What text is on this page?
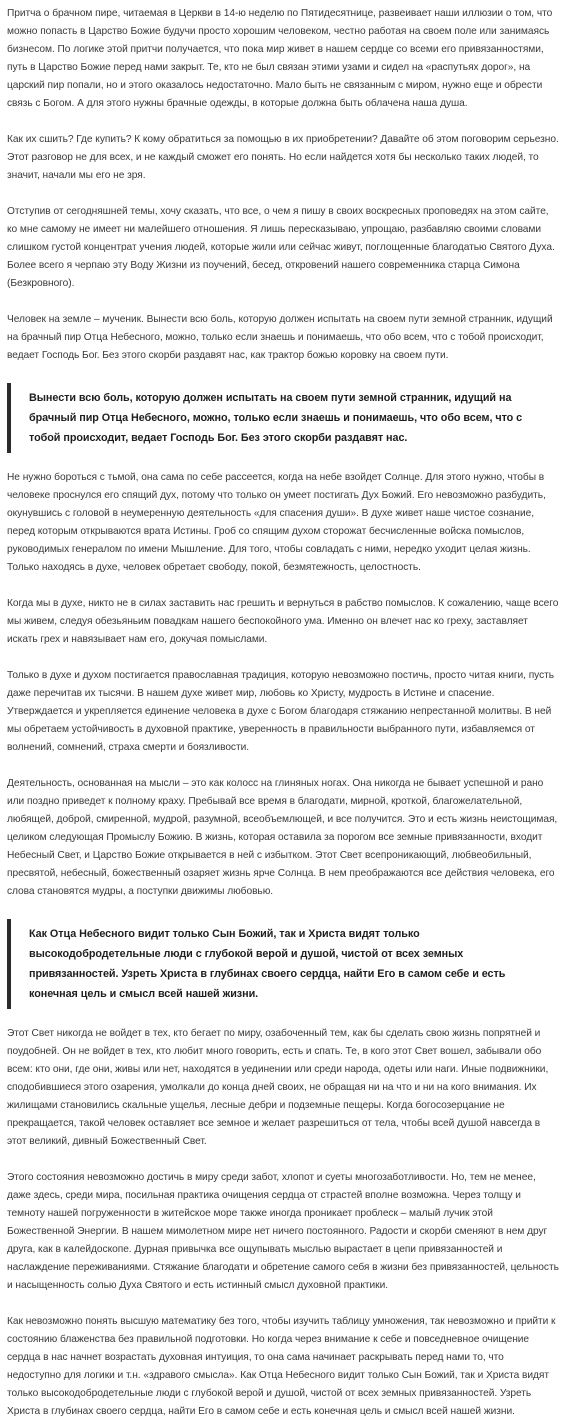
Притча о брачном пире, читаемая в Церкви в 14-ю неделю по Пятидесятнице, развеивает наши иллюзии о том, что можно попасть в Царство Божие будучи просто хорошим человеком, честно работая на своем поле или занимаясь бизнесом. По логике этой притчи получается, что пока мир живет в нашем сердце со всеми его привязанностями, путь в Царство Божие перед нами закрыт. Те, кто не был связан этими узами и сидел на «распутьях дорог», на царский пир попали, но и этого оказалось недостаточно. Мало быть не связанным с миром, нужно еще и обрести связь с Богом. А для этого нужны брачные одежды, в которые должна быть облачена наша душа.

Как их сшить? Где купить? К кому обратиться за помощью в их приобретении? Давайте об этом поговорим серьезно. Этот разговор не для всех, и не каждый сможет его понять. Но если найдется хотя бы несколько таких людей, то значит, начали мы его не зря.

Отступив от сегодняшней темы, хочу сказать, что все, о чем я пишу в своих воскресных проповедях на этом сайте, ко мне самому не имеет ни малейшего отношения. Я лишь пересказываю, упрощаю, разбавляю своими словами слишком густой концентрат учения людей, которые жили или сейчас живут, поглощенные благодатью Святого Духа. Более всего я черпаю эту Воду Жизни из поучений, бесед, откровений нашего современника старца Симона (Безкровного).

Человек на земле – мученик. Вынести всю боль, которую должен испытать на своем пути земной странник, идущий на брачный пир Отца Небесного, можно, только если знаешь и понимаешь, что обо всем, что с тобой происходит, ведает Господь Бог. Без этого скорби раздавят нас, как трактор божью коровку на своем пути.

Вынести всю боль, которую должен испытать на своем пути земной странник, идущий на брачный пир Отца Небесного, можно, только если знаешь и понимаешь, что обо всем, что с тобой происходит, ведает Господь Бог. Без этого скорби раздавят нас.

Не нужно бороться с тьмой, она сама по себе рассеется, когда на небе взойдет Солнце. Для этого нужно, чтобы в человеке проснулся его спящий дух, потому что только он умеет постигать Дух Божий. Его невозможно разбудить, окунувшись с головой в неумеренную деятельность «для спасения души». В духе живет наше чистое сознание, перед которым открываются врата Истины. Гроб со спящим духом сторожат бесчисленные войска помыслов, руководимых генералом по имени Мышление. Для того, чтобы совладать с ними, нередко уходит целая жизнь. Только находясь в духе, человек обретает свободу, покой, безмятежность, целостность.

Когда мы в духе, никто не в силах заставить нас грешить и вернуться в рабство помыслов. К сожалению, чаще всего мы живем, следуя обезьяньим повадкам нашего беспокойного ума. Именно он влечет нас ко греху, заставляет искать грех и навязывает нам его, докучая помыслами.

Только в духе и духом постигается православная традиция, которую невозможно постичь, просто читая книги, пусть даже перечитав их тысячи. В нашем духе живет мир, любовь ко Христу, мудрость в Истине и спасение. Утверждается и укрепляется единение человека в духе с Богом благодаря стяжанию непрестанной молитвы. В ней мы обретаем устойчивость в духовной практике, уверенность в правильности выбранного пути, избавляемся от волнений, сомнений, страха смерти и боязливости.

Деятельность, основанная на мысли – это как колосс на глиняных ногах. Она никогда не бывает успешной и рано или поздно приведет к полному краху. Пребывай все время в благодати, мирной, кроткой, благожелательной, любящей, доброй, смиренной, мудрой, разумной, всеобъемлющей, и все получится. Это и есть жизнь неистощимая, целиком следующая Промыслу Божию. В жизнь, которая оставила за порогом все земные привязанности, входит Небесный Свет, и Царство Божие открывается в ней с избытком. Этот Свет всепроникающий, любвеобильный, пресвятой, небесный, божественный озаряет жизнь ярче Солнца. В нем преображаются все действия человека, его слова становятся мудры, а поступки движимы любовью.

Как Отца Небесного видит только Сын Божий, так и Христа видят только высокодобродетельные люди с глубокой верой и душой, чистой от всех земных привязанностей. Узреть Христа в глубинах своего сердца, найти Его в самом себе и есть конечная цель и смысл всей нашей жизни.

Этот Свет никогда не войдет в тех, кто бегает по миру, озабоченный тем, как бы сделать свою жизнь попрятней и поудобней. Он не войдет в тех, кто любит много говорить, есть и спать. Те, в кого этот Свет вошел, забывали обо всем: кто они, где они, живы или нет, находятся в уединении или среди народа, одеты или наги. Иные подвижники, сподобившиеся этого озарения, умолкали до конца дней своих, не обращая ни на что и ни на кого внимания. Их жилищами становились скальные ущелья, лесные дебри и подземные пещеры. Когда богосозерцание не прекращается, такой человек оставляет все земное и желает разрешиться от тела, чтобы всей душой навсегда в этот великий, дивный Божественный Свет.

Этого состояния невозможно достичь в миру среди забот, хлопот и суеты многозаботливости. Но, тем не менее, даже здесь, среди мира, посильная практика очищения сердца от страстей вполне возможна. Через толщу и темноту нашей погруженности в житейское море также иногда проникает проблеск – малый лучик этой Божественной Энергии. В нашем мимолетном мире нет ничего постоянного. Радости и скорби сменяют в нем друг друга, как в калейдоскопе. Дурная привычка все ощупывать мыслью вырастает в цепи привязанностей и наслаждение переживаниями. Стяжание благодати и обретение самого себя в жизни без привязанностей, цельность и насыщенность солью Духа Святого и есть истинный смысл духовной практики.

Как невозможно понять высшую математику без того, чтобы изучить таблицу умножения, так невозможно и прийти к состоянию блаженства без правильной подготовки. Но когда через внимание к себе и повседневное очищение сердца в нас начнет возрастать духовная интуиция, то она сама начинает раскрывать перед нами то, что недоступно для логики и т.н. «здравого смысла». Как Отца Небесного видит только Сын Божий, так и Христа видят только высокодобродетельные люди с глубокой верой и душой, чистой от всех земных привязанностей. Узреть Христа в глубинах своего сердца, найти Его в самом себе и есть конечная цель и смысл всей нашей жизни.
